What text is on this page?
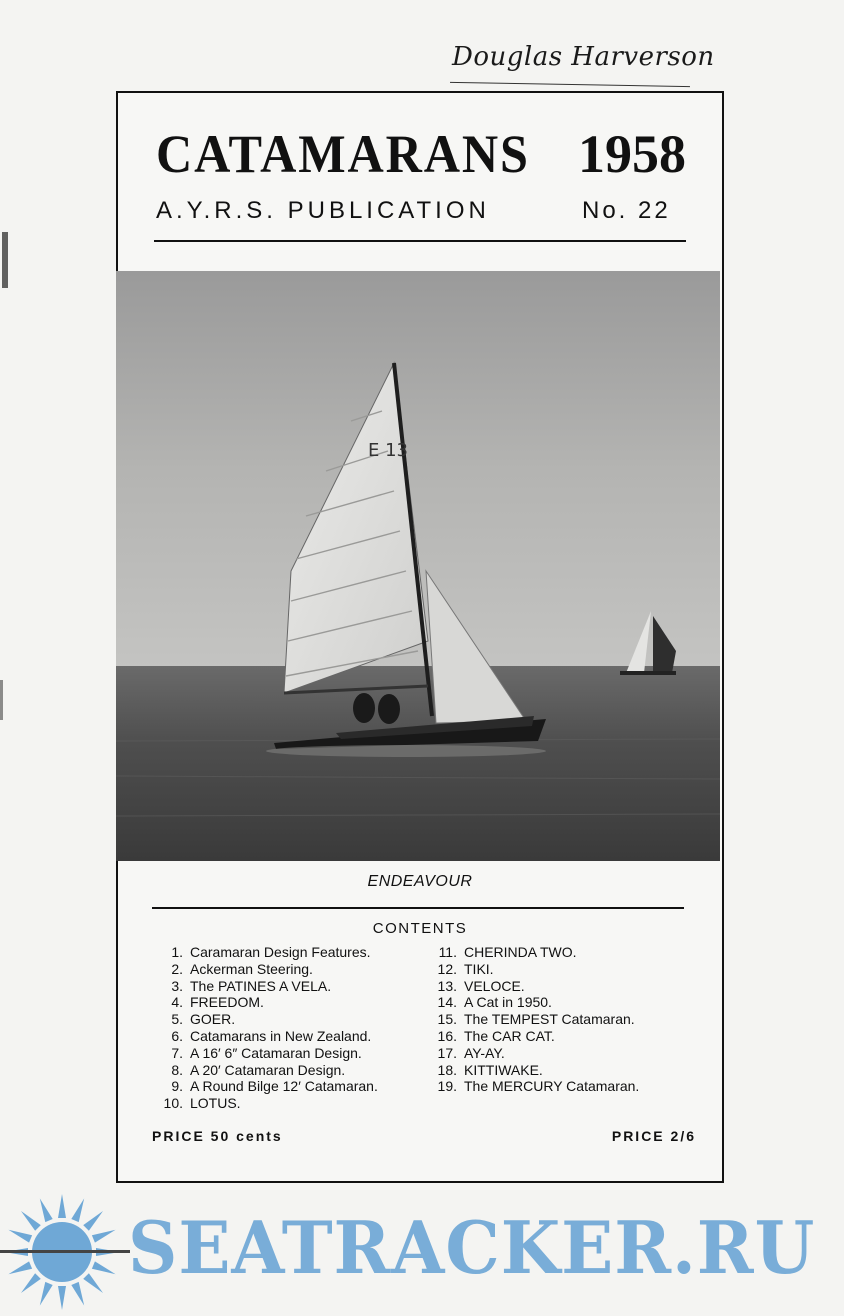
Douglas Harverson
CATAMARANS 1958
A.Y.R.S. PUBLICATION	No. 22
E 13
ENDEAVOUR
CONTENTS
1. Caramaran Design Features.
2. Ackerman Steering.
3. The PATINES A VELA.
4. FREEDOM.
5. GOER.
6. Catamarans in New Zealand.
7. A 16′ 6″ Catamaran Design.
8. A 20′ Catamaran Design.
9. A Round Bilge 12′ Catamaran.
10. LOTUS.
11. CHERINDA TWO.
12. TIKI.
13. VELOCE.
14. A Cat in 1950.
15. The TEMPEST Catamaran.
16. The CAR CAT.
17. AY-AY.
18. KITTIWAKE.
19. The MERCURY Catamaran.
PRICE 50 cents	PRICE 2/6
SEATRACKER.RU
